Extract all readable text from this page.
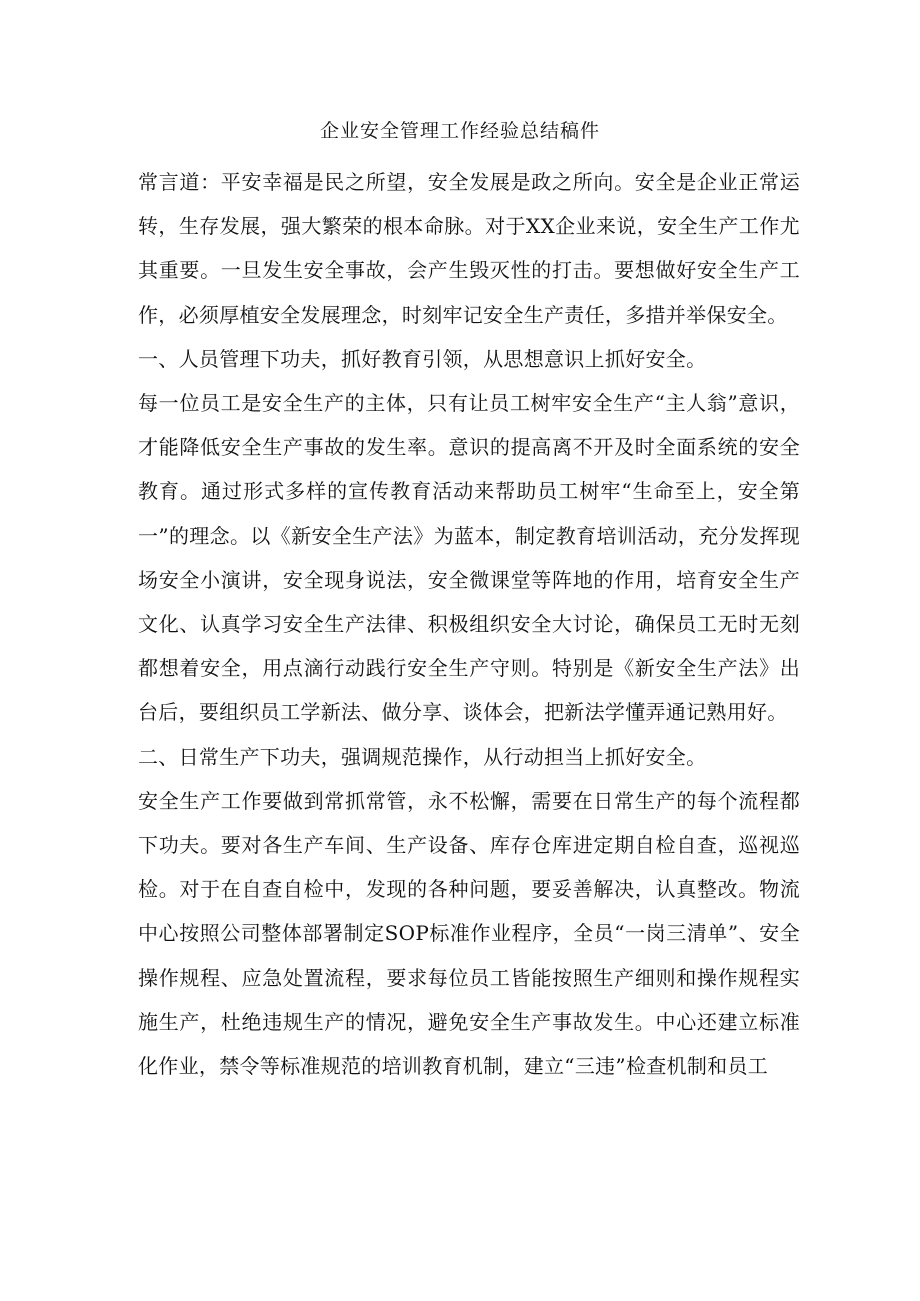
企业安全管理工作经验总结稿件

常言道：平安幸福是民之所望，安全发展是政之所向。安全是企业正常运转，生存发展，强大繁荣的根本命脉。对于XX企业来说，安全生产工作尤其重要。一旦发生安全事故，会产生毁灭性的打击。要想做好安全生产工作，必须厚植安全发展理念，时刻牢记安全生产责任，多措并举保安全。

一、人员管理下功夫，抓好教育引领，从思想意识上抓好安全。

每一位员工是安全生产的主体，只有让员工树牢安全生产“主人翁”意识，才能降低安全生产事故的发生率。意识的提高离不开及时全面系统的安全教育。通过形式多样的宣传教育活动来帮助员工树牢“生命至上，安全第一”的理念。以《新安全生产法》为蓝本，制定教育培训活动，充分发挥现场安全小演讲，安全现身说法，安全微课堂等阵地的作用，培育安全生产文化、认真学习安全生产法律、积极组织安全大讨论，确保员工无时无刻都想着安全，用点滴行动践行安全生产守则。特别是《新安全生产法》出台后，要组织员工学新法、做分享、谈体会，把新法学懂弄通记熟用好。

二、日常生产下功夫，强调规范操作，从行动担当上抓好安全。

安全生产工作要做到常抓常管，永不松懈，需要在日常生产的每个流程都下功夫。要对各生产车间、生产设备、库存仓库进定期自检自查，巡视巡检。对于在自查自检中，发现的各种问题，要妥善解决，认真整改。物流中心按照公司整体部署制定SOP标准作业程序，全员“一岗三清单”、安全操作规程、应急处置流程，要求每位员工皆能按照生产细则和操作规程实施生产，杜绝违规生产的情况，避免安全生产事故发生。中心还建立标准化作业，禁令等标准规范的培训教育机制，建立“三违”检查机制和员工
